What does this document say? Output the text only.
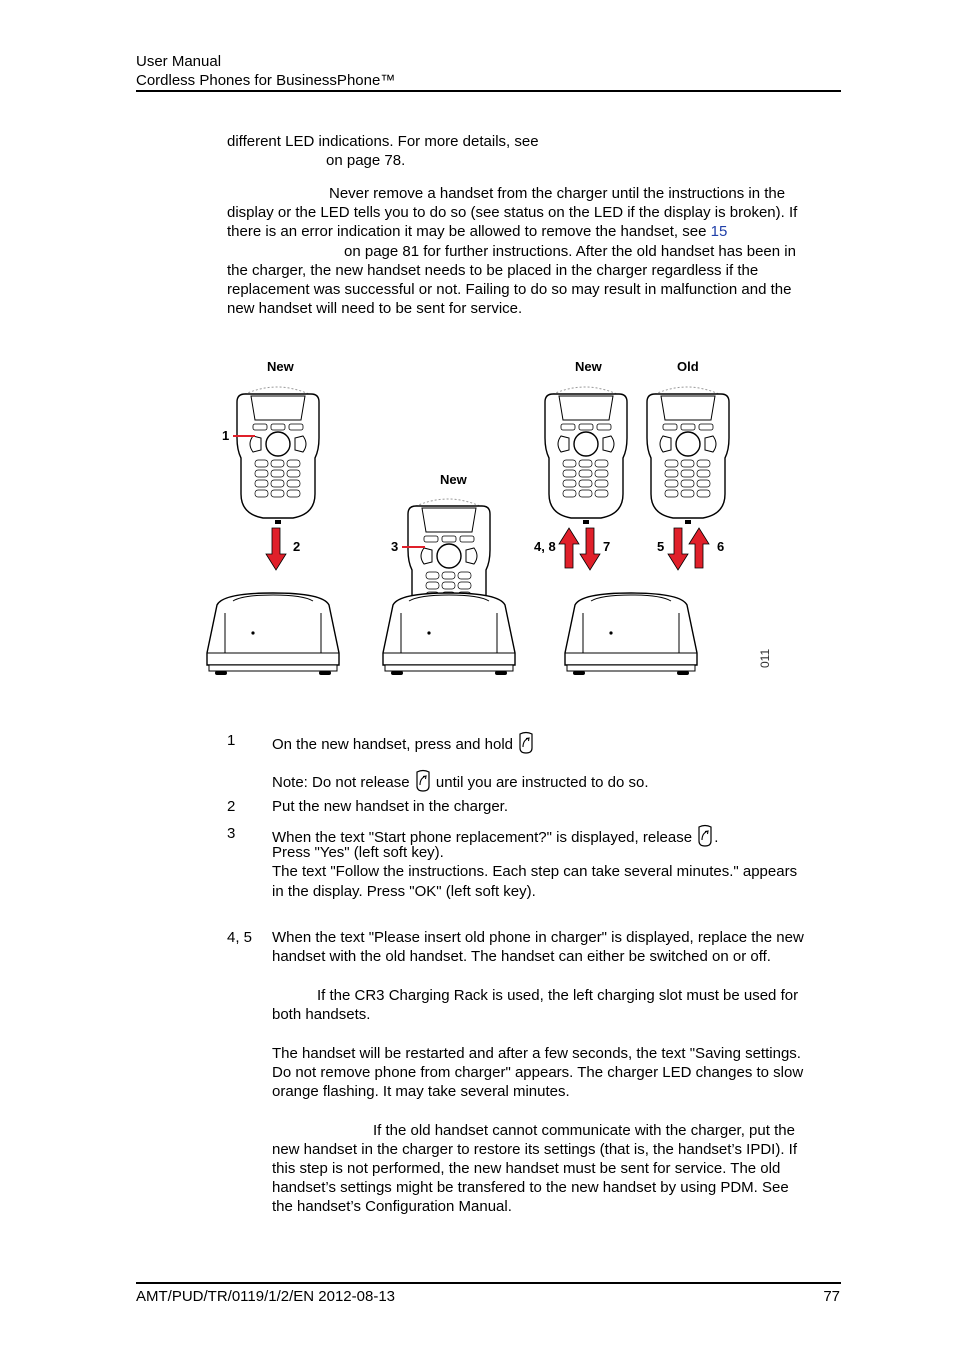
User Manual
Cordless Phones for BusinessPhone™
different LED indications. For more details, see
on page 78.
Never remove a handset from the charger until the instructions in the
display or the LED tells you to do so (see status on the LED if the display is broken). If
there is an error indication it may be allowed to remove the handset, see 15
on page 81 for further instructions. After the old handset has been in
the charger, the new handset needs to be placed in the charger regardless if the
replacement was successful or not. Failing to do so may result in malfunction and the
new handset will need to be sent for service.
New
New
New	Old
1
3
2	4, 8	7	5	6
011
1 On the new handset, press and hold
Note: Do not release until you are instructed to do so.
2 Put the new handset in the charger.
3 When the text "Start phone replacement?" is displayed, release .
Press "Yes" (left soft key).
The text "Follow the instructions. Each step can take several minutes." appears
in the display. Press "OK" (left soft key).
4, 5 When the text "Please insert old phone in charger" is displayed, replace the new
handset with the old handset. The handset can either be switched on or off.
If the CR3 Charging Rack is used, the left charging slot must be used for
both handsets.
The handset will be restarted and after a few seconds, the text "Saving settings.
Do not remove phone from charger" appears. The charger LED changes to slow
orange flashing. It may take several minutes.
If the old handset cannot communicate with the charger, put the
new handset in the charger to restore its settings (that is, the handset’s IPDI). If
this step is not performed, the new handset must be sent for service. The old
handset’s settings might be transfered to the new handset by using PDM. See
the handset’s Configuration Manual.
AMT/PUD/TR/0119/1/2/EN 2012-08-13	77
